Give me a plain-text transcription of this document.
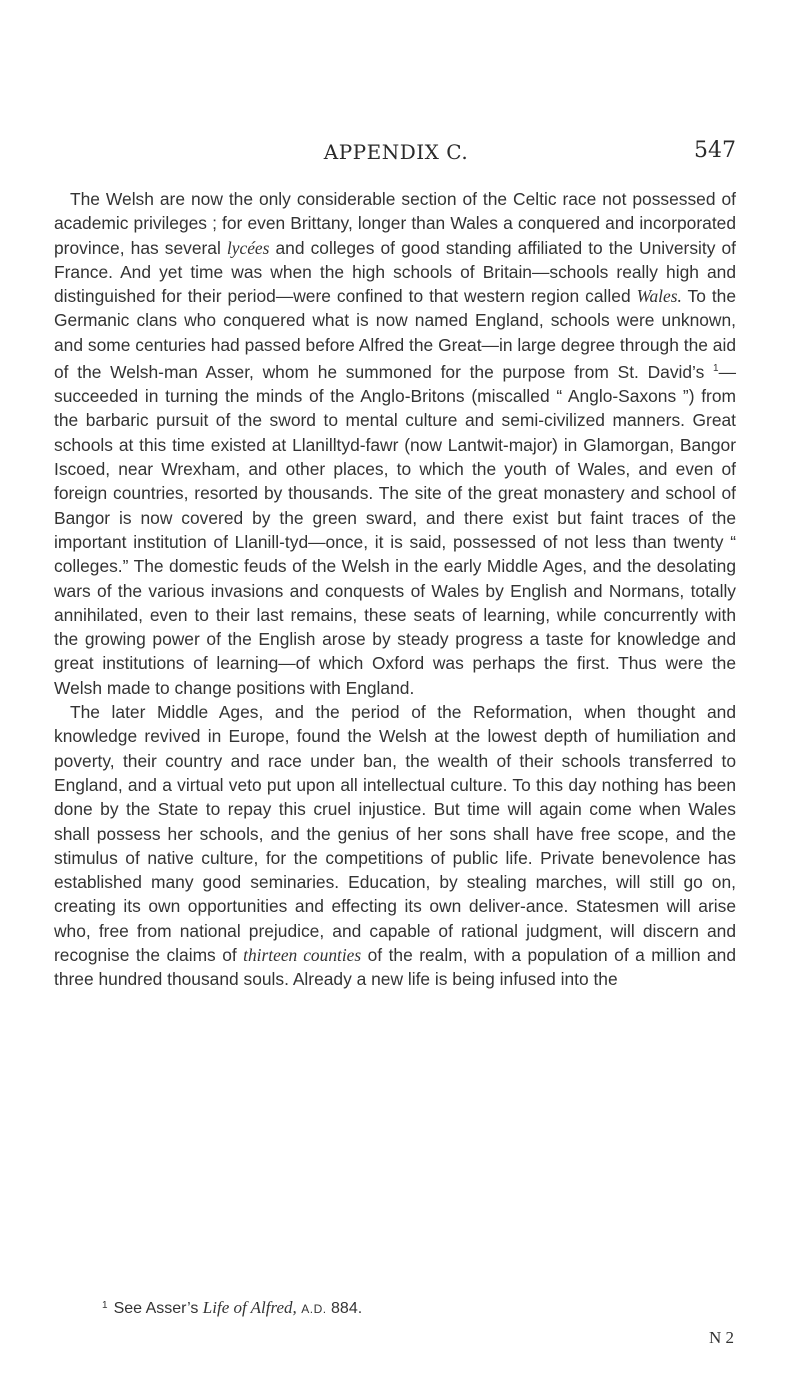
APPENDIX C.	547

The Welsh are now the only considerable section of the Celtic race not possessed of academic privileges ; for even Brittany, longer than Wales a conquered and incorporated province, has several lycées and colleges of good standing affiliated to the University of France. And yet time was when the high schools of Britain—schools really high and distinguished for their period—were confined to that western region called Wales. To the Germanic clans who conquered what is now named England, schools were unknown, and some centuries had passed before Alfred the Great—in large degree through the aid of the Welsh-man Asser, whom he summoned for the purpose from St. David’s $^1$— succeeded in turning the minds of the Anglo-Britons (miscalled “ Anglo-Saxons ”) from the barbaric pursuit of the sword to mental culture and semi-civilized manners. Great schools at this time existed at Llanilltyd-fawr (now Lantwit-major) in Glamorgan, Bangor Iscoed, near Wrexham, and other places, to which the youth of Wales, and even of foreign countries, resorted by thousands. The site of the great monastery and school of Bangor is now covered by the green sward, and there exist but faint traces of the important institution of Llanill-tyd—once, it is said, possessed of not less than twenty “ colleges.” The domestic feuds of the Welsh in the early Middle Ages, and the desolating wars of the various invasions and conquests of Wales by English and Normans, totally annihilated, even to their last remains, these seats of learning, while concurrently with the growing power of the English arose by steady progress a taste for knowledge and great institutions of learning—of which Oxford was perhaps the first. Thus were the Welsh made to change positions with England.

The later Middle Ages, and the period of the Reformation, when thought and knowledge revived in Europe, found the Welsh at the lowest depth of humiliation and poverty, their country and race under ban, the wealth of their schools transferred to England, and a virtual veto put upon all intellectual culture. To this day nothing has been done by the State to repay this cruel injustice. But time will again come when Wales shall possess her schools, and the genius of her sons shall have free scope, and the stimulus of native culture, for the competitions of public life. Private benevolence has established many good seminaries. Education, by stealing marches, will still go on, creating its own opportunities and effecting its own deliver-ance. Statesmen will arise who, free from national prejudice, and capable of rational judgment, will discern and recognise the claims of thirteen counties of the realm, with a population of a million and three hundred thousand souls. Already a new life is being infused into the

$^1$ See Asser’s Life of Alfred, A.D. 884.
N 2
